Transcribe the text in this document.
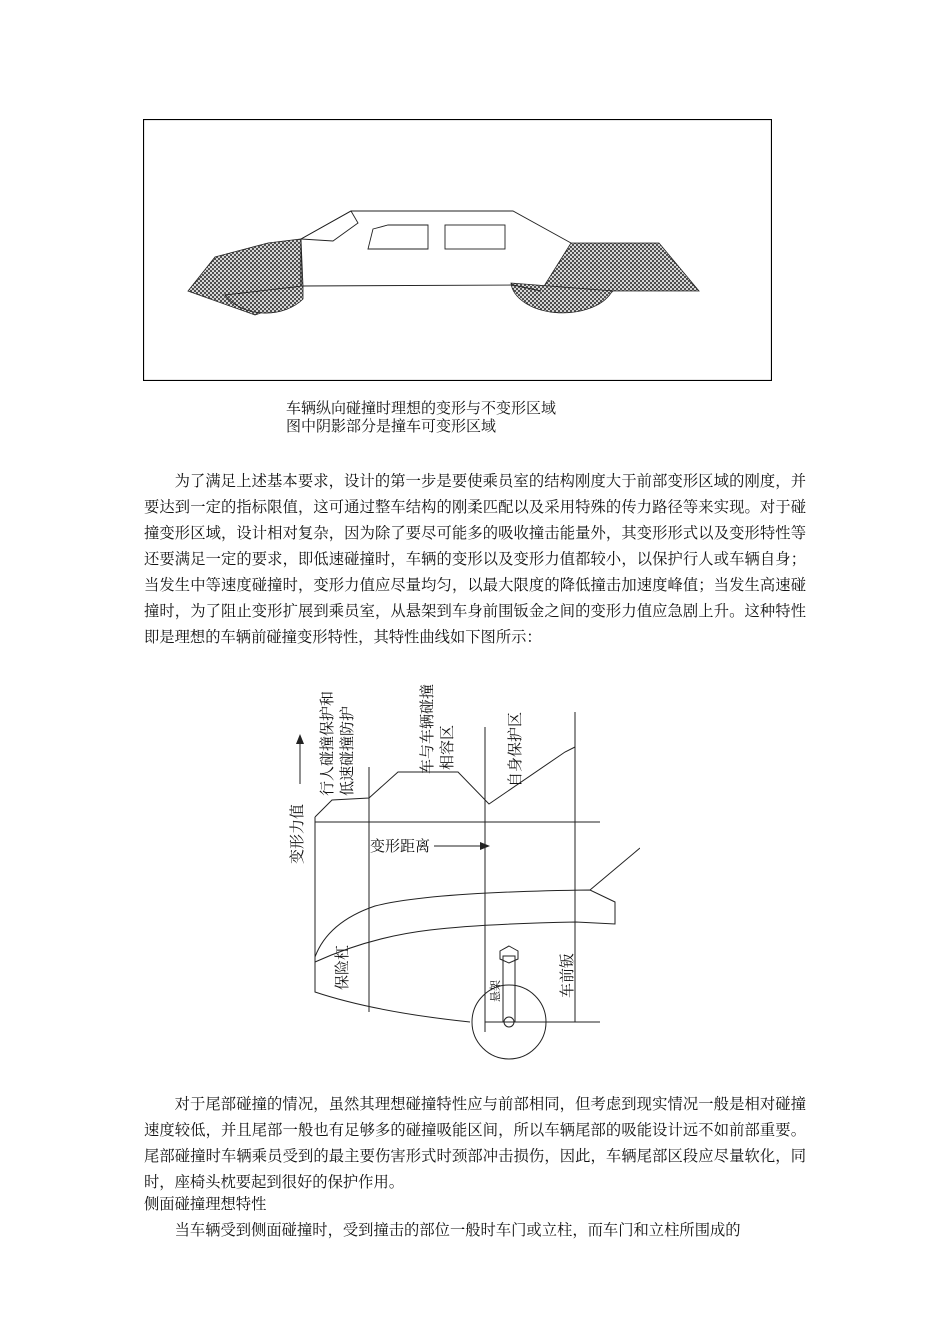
车辆纵向碰撞时理想的变形与不变形区域
图中阴影部分是撞车可变形区域
为了满足上述基本要求，设计的第一步是要使乘员室的结构刚度大于前部变形区域的刚度，并要达到一定的指标限值，这可通过整车结构的刚柔匹配以及采用特殊的传力路径等来实现。对于碰撞变形区域，设计相对复杂，因为除了要尽可能多的吸收撞击能量外，其变形形式以及变形特性等还要满足一定的要求，即低速碰撞时，车辆的变形以及变形力值都较小，以保护行人或车辆自身；当发生中等速度碰撞时，变形力值应尽量均匀，以最大限度的降低撞击加速度峰值；当发生高速碰撞时，为了阻止变形扩展到乘员室，从悬架到车身前围钣金之间的变形力值应急剧上升。这种特性即是理想的车辆前碰撞变形特性，其特性曲线如下图所示：
行人碰撞保护和 低速碰撞防护	车与车辆碰撞 相容区	自身保护区
变形力值	变形距离
保险杠
悬架	车前钣
对于尾部碰撞的情况，虽然其理想碰撞特性应与前部相同，但考虑到现实情况一般是相对碰撞速度较低，并且尾部一般也有足够多的碰撞吸能区间，所以车辆尾部的吸能设计远不如前部重要。尾部碰撞时车辆乘员受到的最主要伤害形式时颈部冲击损伤，因此，车辆尾部区段应尽量软化，同时，座椅头枕要起到很好的保护作用。
侧面碰撞理想特性
当车辆受到侧面碰撞时，受到撞击的部位一般时车门或立柱，而车门和立柱所围成的
